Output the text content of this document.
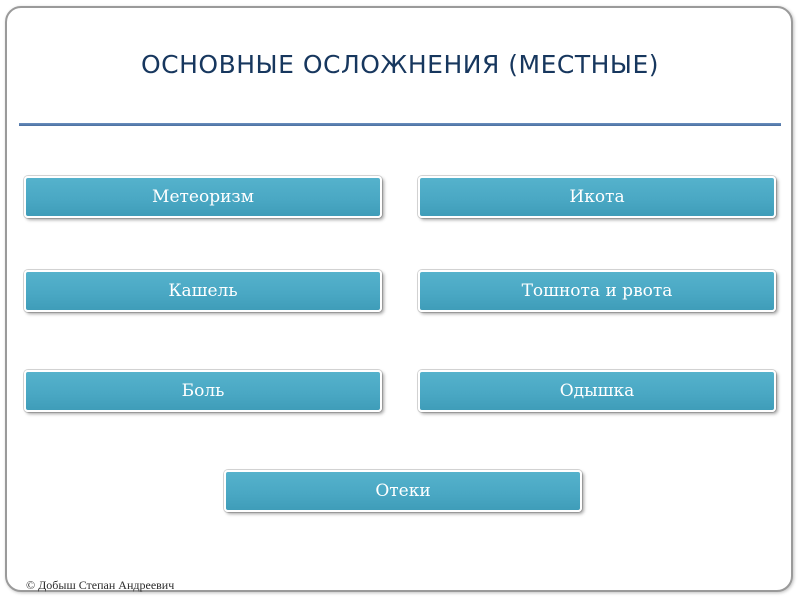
ОСНОВНЫЕ ОСЛОЖНЕНИЯ (МЕСТНЫЕ)
Метеоризм	Икота
Кашель	Тошнота и рвота
Боль	Одышка
Отеки
© Добыш Степан Андреевич
